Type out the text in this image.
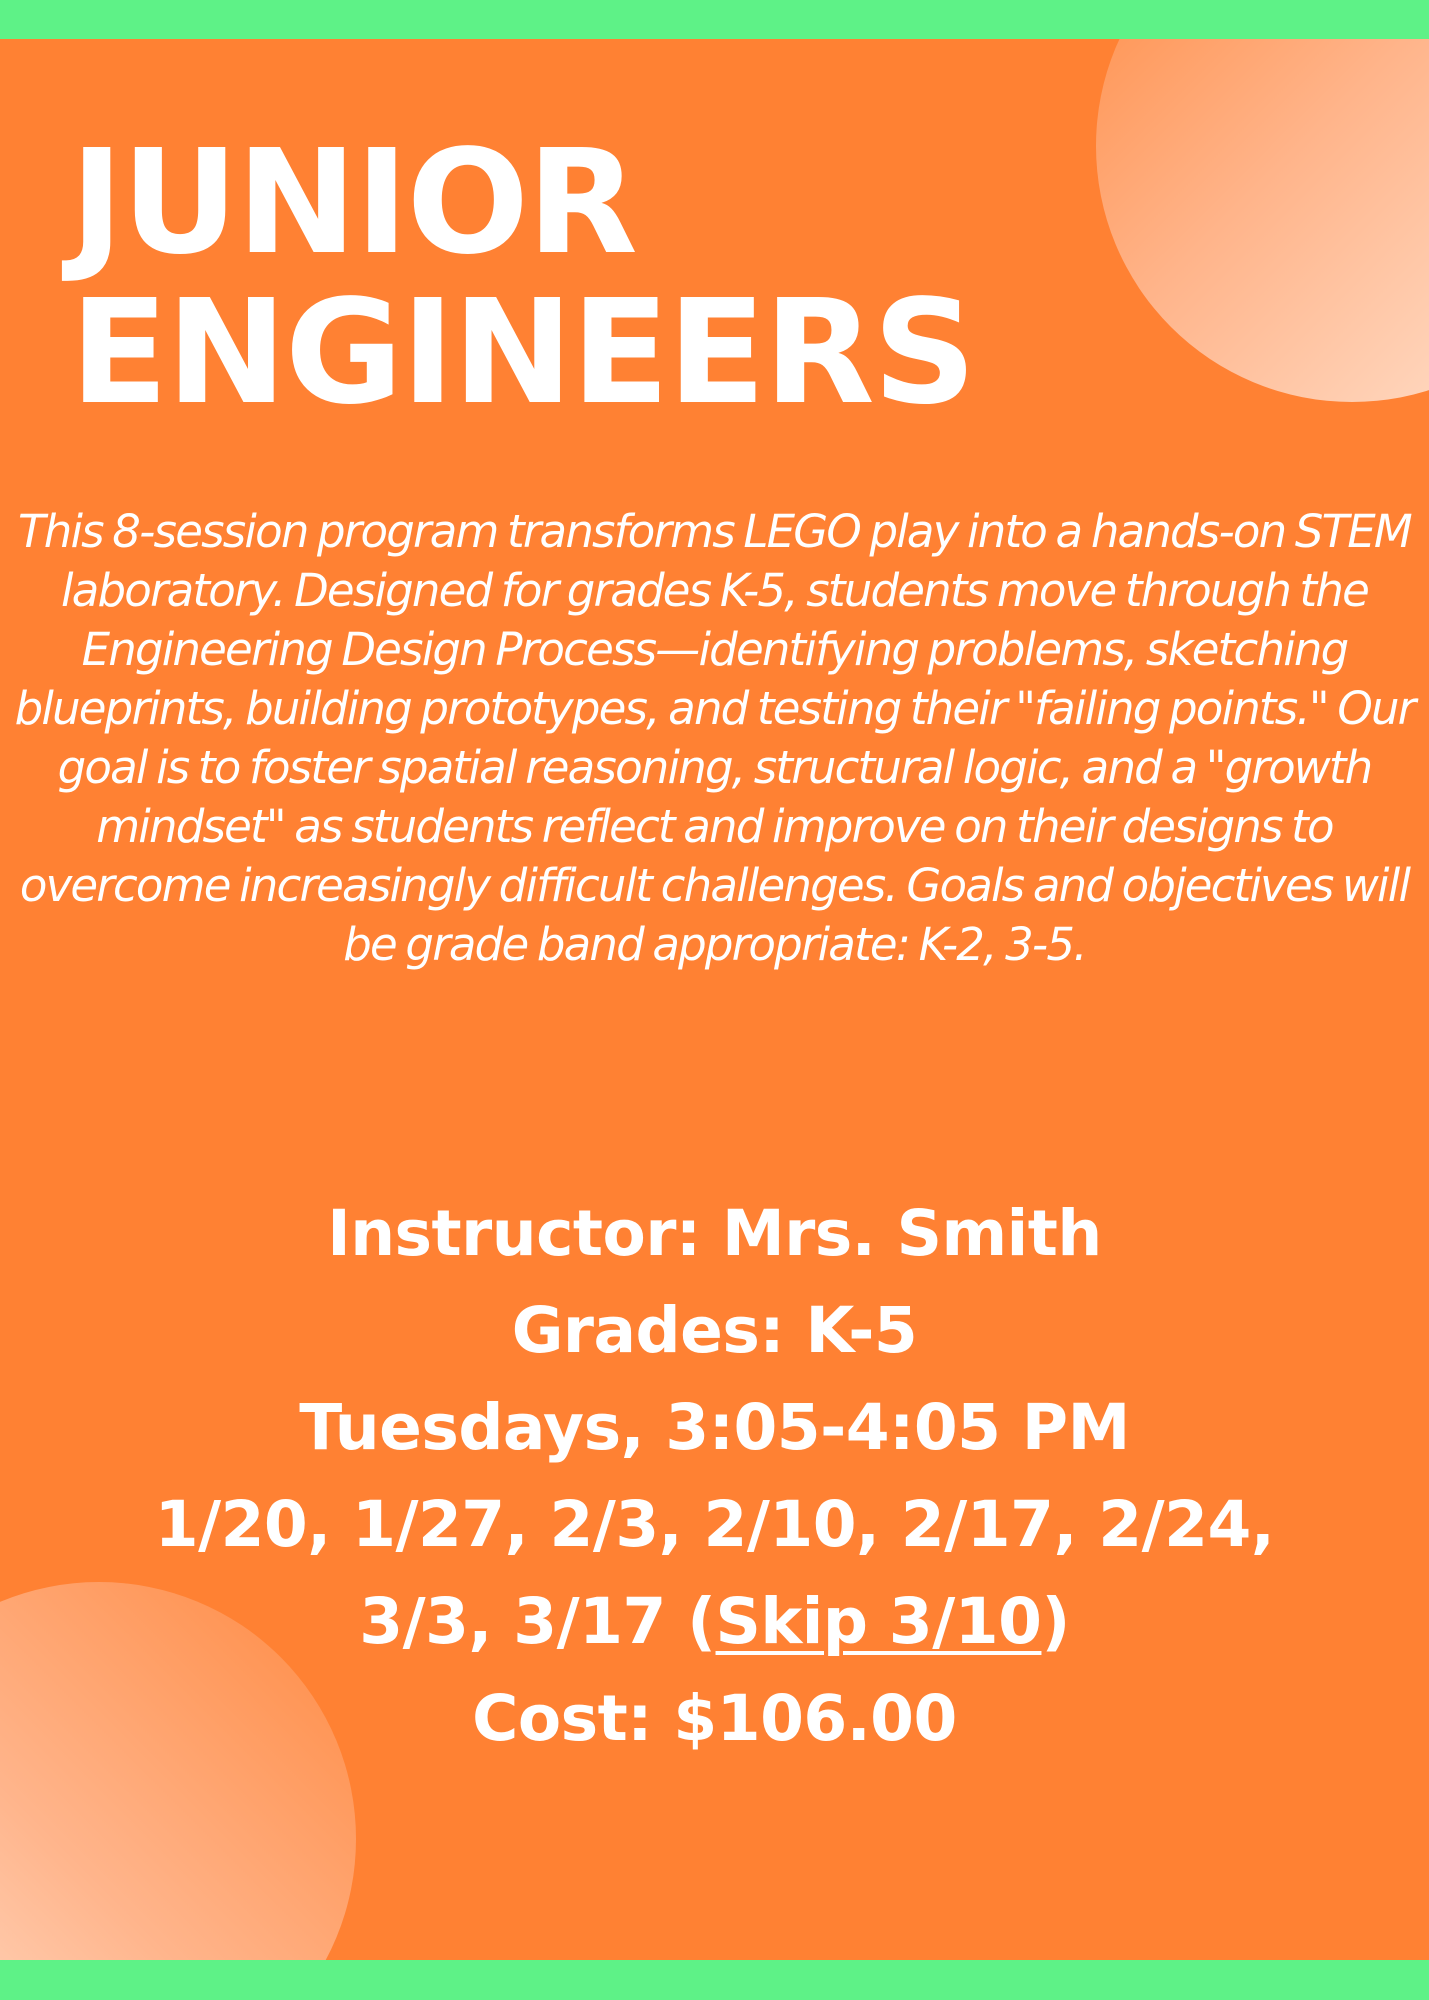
JUNIOR
ENGINEERS

This 8-session program transforms LEGO play into a hands-on STEM laboratory. Designed for grades K-5, students move through the Engineering Design Process—identifying problems, sketching blueprints, building prototypes, and testing their "failing points." Our goal is to foster spatial reasoning, structural logic, and a "growth mindset" as students reflect and improve on their designs to overcome increasingly difficult challenges. Goals and objectives will be grade band appropriate: K-2, 3-5.

Instructor: Mrs. Smith
Grades: K-5
Tuesdays, 3:05-4:05 PM
1/20, 1/27, 2/3, 2/10, 2/17, 2/24,
3/3, 3/17 (Skip 3/10)
Cost: $106.00
